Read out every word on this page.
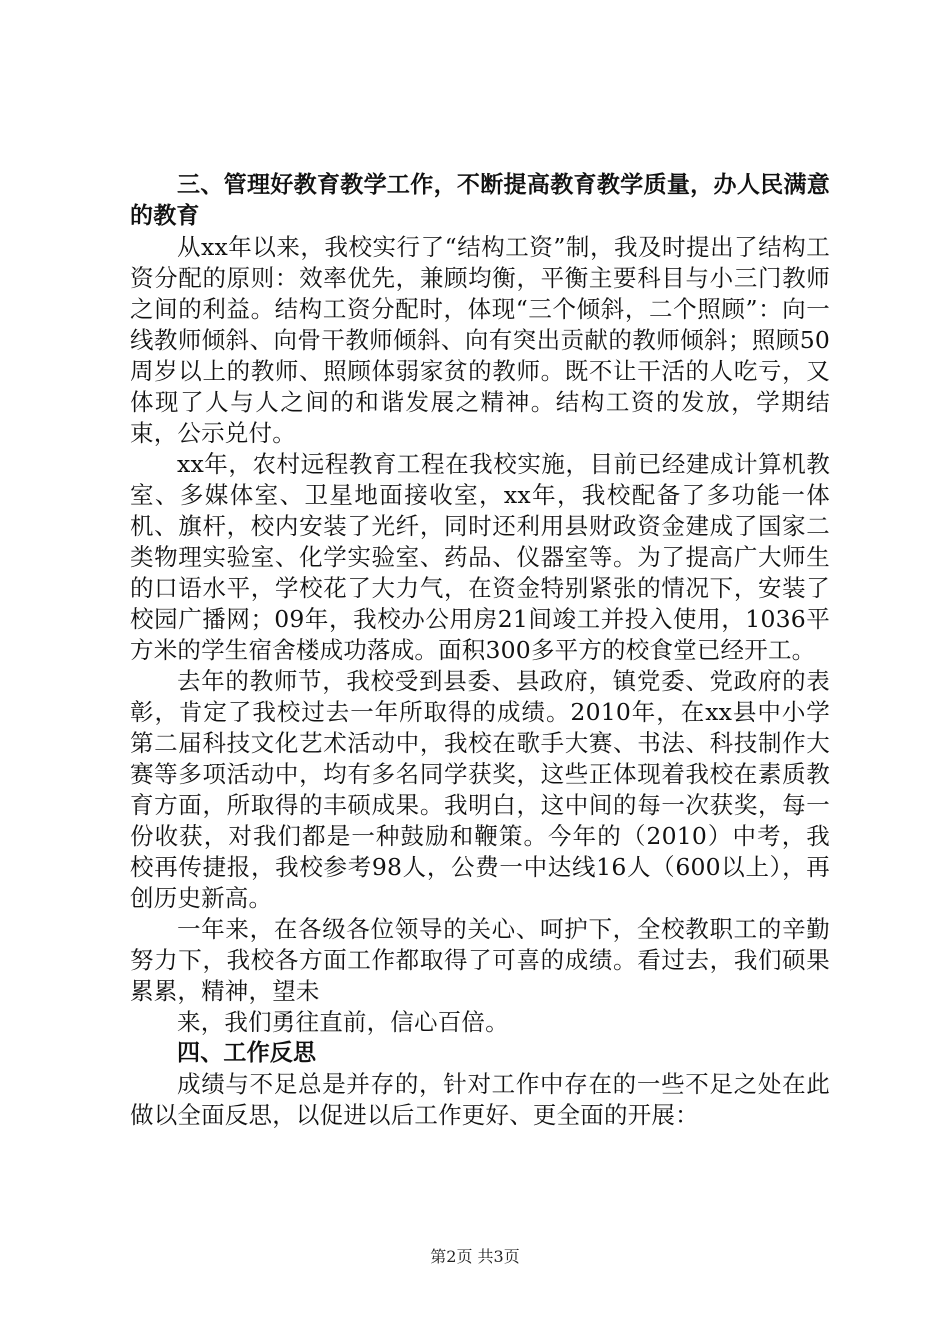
三、管理好教育教学工作，不断提高教育教学质量，办人民满意的教育

从xx年以来，我校实行了“结构工资”制，我及时提出了结构工资分配的原则：效率优先，兼顾均衡，平衡主要科目与小三门教师之间的利益。结构工资分配时，体现“三个倾斜，二个照顾”：向一线教师倾斜、向骨干教师倾斜、向有突出贡献的教师倾斜；照顾50周岁以上的教师、照顾体弱家贫的教师。既不让干活的人吃亏，又体现了人与人之间的和谐发展之精神。结构工资的发放，学期结束，公示兑付。

xx年，农村远程教育工程在我校实施，目前已经建成计算机教室、多媒体室、卫星地面接收室，xx年，我校配备了多功能一体机、旗杆，校内安装了光纤，同时还利用县财政资金建成了国家二类物理实验室、化学实验室、药品、仪器室等。为了提高广大师生的口语水平，学校花了大力气，在资金特别紧张的情况下，安装了校园广播网；09年，我校办公用房21间竣工并投入使用，1036平方米的学生宿舍楼成功落成。面积300多平方的校食堂已经开工。

去年的教师节，我校受到县委、县政府，镇党委、党政府的表彰，肯定了我校过去一年所取得的成绩。2010年，在xx县中小学第二届科技文化艺术活动中，我校在歌手大赛、书法、科技制作大赛等多项活动中，均有多名同学获奖，这些正体现着我校在素质教育方面，所取得的丰硕成果。我明白，这中间的每一次获奖，每一份收获，对我们都是一种鼓励和鞭策。今年的（2010）中考，我校再传捷报，我校参考98人，公费一中达线16人（600以上），再创历史新高。

一年来，在各级各位领导的关心、呵护下，全校教职工的辛勤努力下，我校各方面工作都取得了可喜的成绩。看过去，我们硕果累累，精神，望未

来，我们勇往直前，信心百倍。

四、工作反思

成绩与不足总是并存的，针对工作中存在的一些不足之处在此做以全面反思，以促进以后工作更好、更全面的开展：

第2页 共3页
